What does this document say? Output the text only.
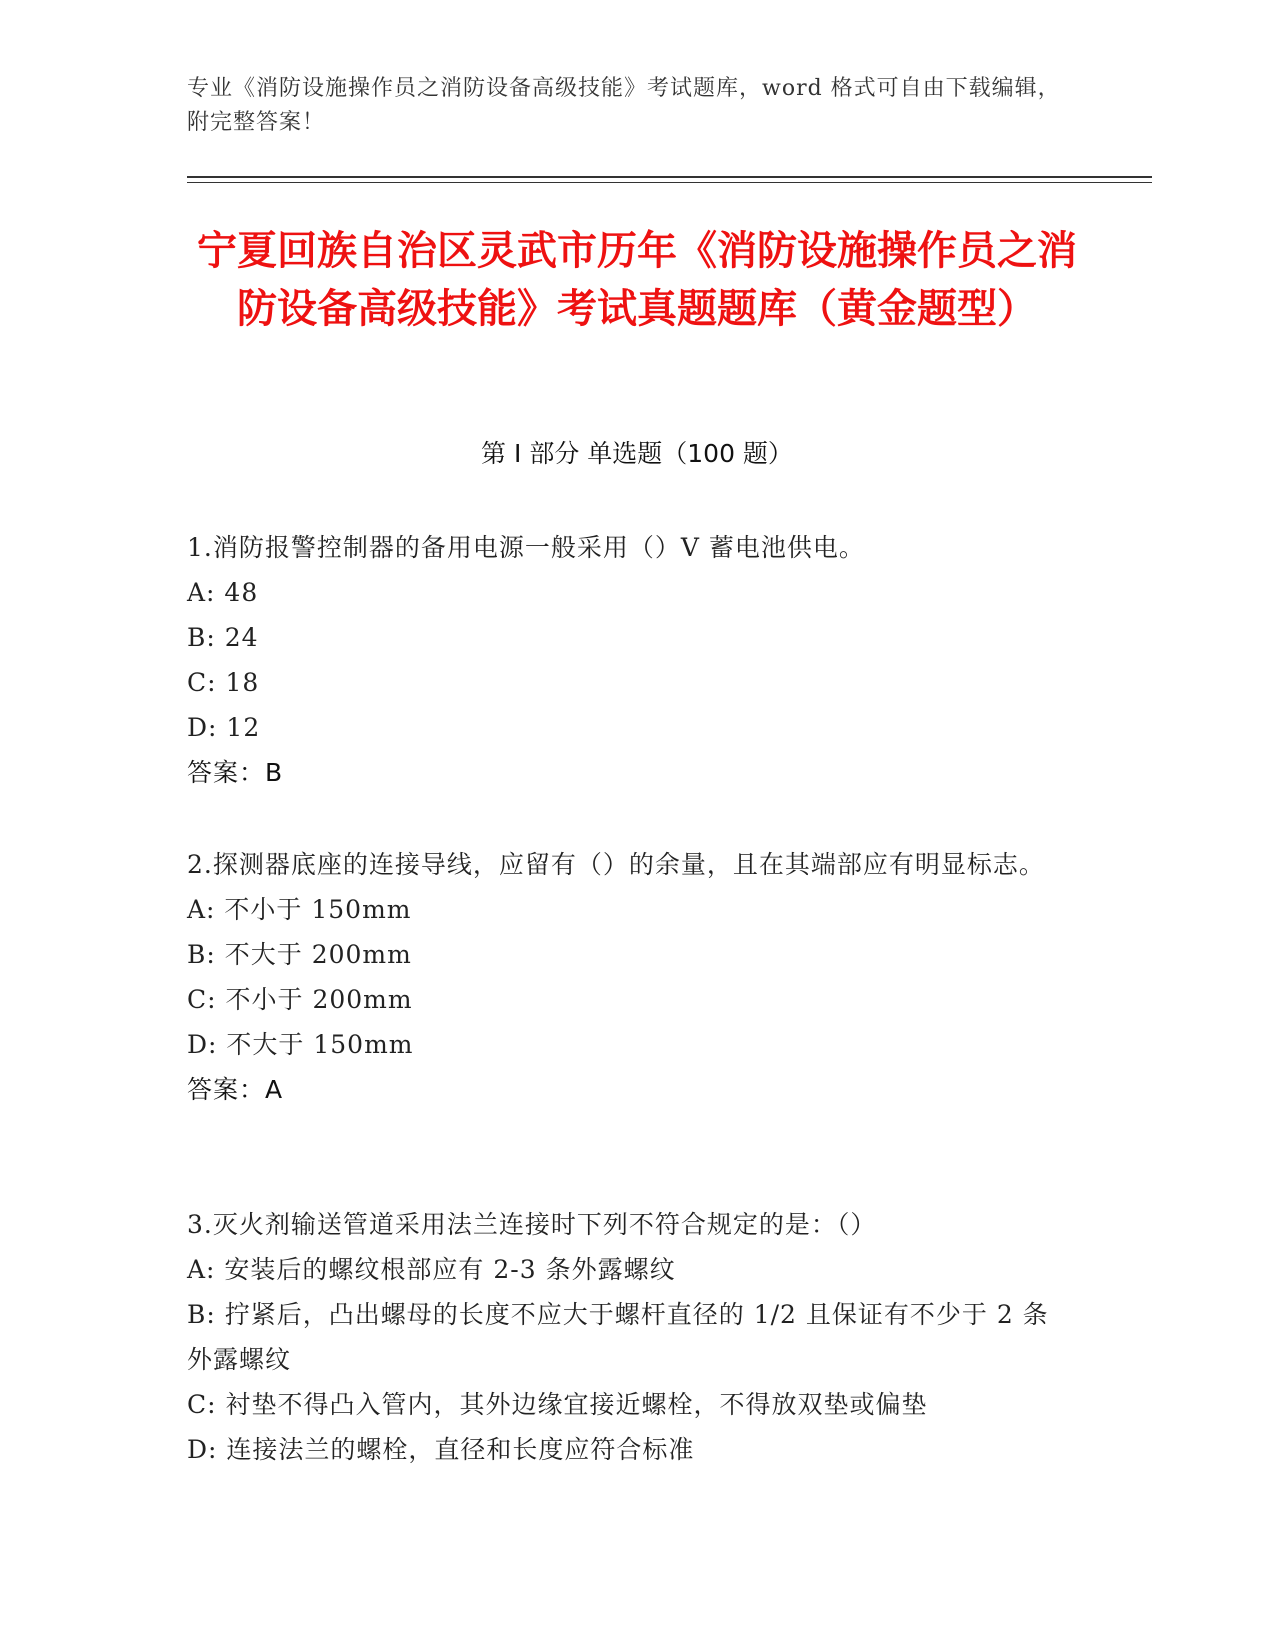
专业《消防设施操作员之消防设备高级技能》考试题库，word 格式可自由下载编辑，附完整答案！
宁夏回族自治区灵武市历年《消防设施操作员之消防设备高级技能》考试真题题库（黄金题型）
第 I 部分 单选题（100 题）
1.消防报警控制器的备用电源一般采用（）V 蓄电池供电。
A: 48
B: 24
C: 18
D: 12
答案：B
2.探测器底座的连接导线，应留有（）的余量，且在其端部应有明显标志。
A: 不小于 150mm
B: 不大于 200mm
C: 不小于 200mm
D: 不大于 150mm
答案：A
3.灭火剂输送管道采用法兰连接时下列不符合规定的是：（）
A: 安装后的螺纹根部应有 2-3 条外露螺纹
B: 拧紧后，凸出螺母的长度不应大于螺杆直径的 1/2 且保证有不少于 2 条外露螺纹
C: 衬垫不得凸入管内，其外边缘宜接近螺栓，不得放双垫或偏垫
D: 连接法兰的螺栓，直径和长度应符合标准
